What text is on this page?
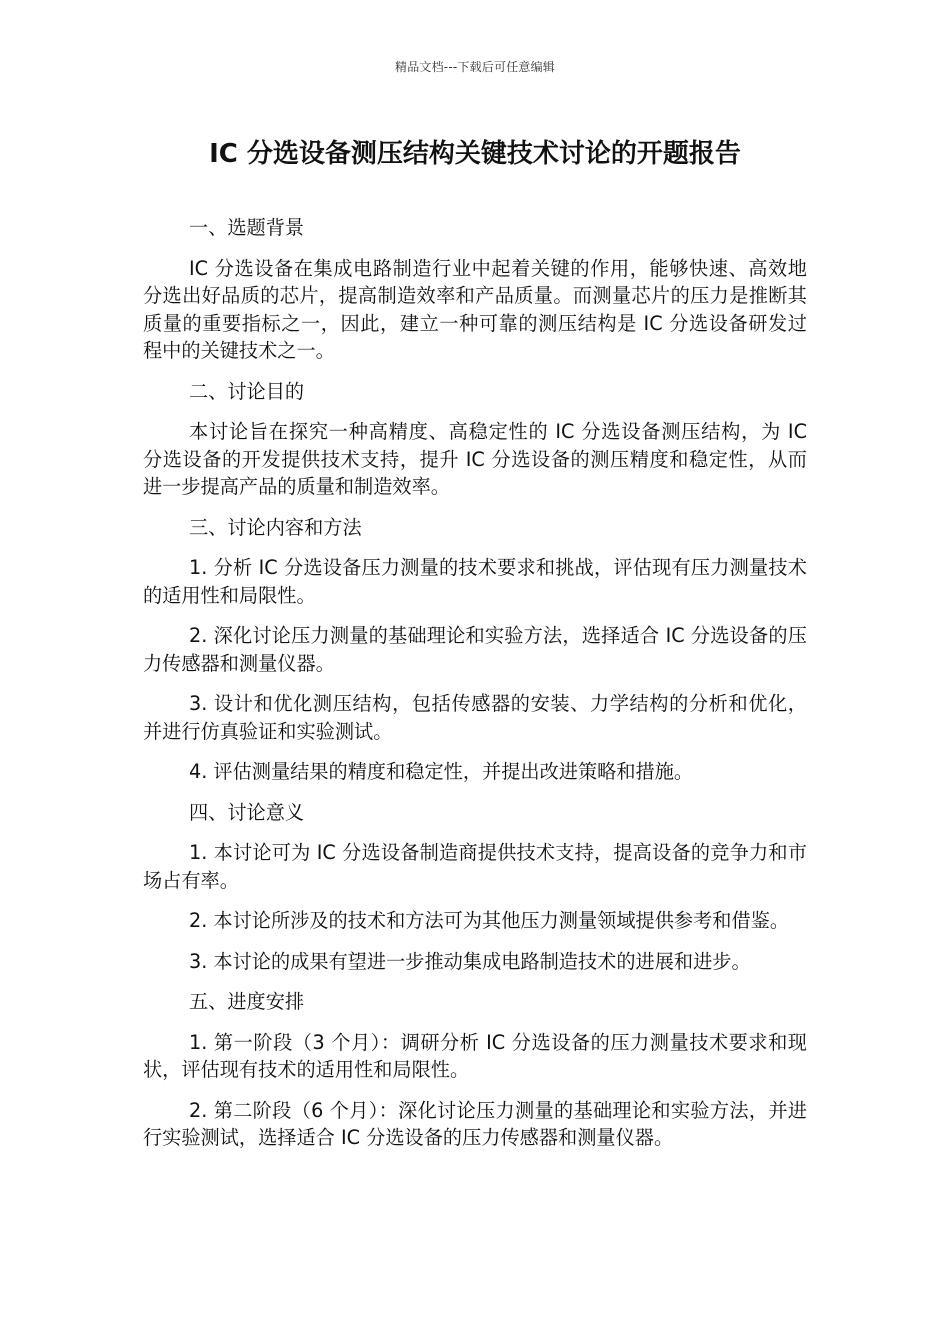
精品文档---下载后可任意编辑
IC 分选设备测压结构关键技术讨论的开题报告

一、选题背景

IC 分选设备在集成电路制造行业中起着关键的作用，能够快速、高效地分选出好品质的芯片，提高制造效率和产品质量。而测量芯片的压力是推断其质量的重要指标之一，因此，建立一种可靠的测压结构是 IC 分选设备研发过程中的关键技术之一。

二、讨论目的

本讨论旨在探究一种高精度、高稳定性的 IC 分选设备测压结构，为 IC 分选设备的开发提供技术支持，提升 IC 分选设备的测压精度和稳定性，从而进一步提高产品的质量和制造效率。

三、讨论内容和方法

1. 分析 IC 分选设备压力测量的技术要求和挑战，评估现有压力测量技术的适用性和局限性。

2. 深化讨论压力测量的基础理论和实验方法，选择适合 IC 分选设备的压力传感器和测量仪器。

3. 设计和优化测压结构，包括传感器的安装、力学结构的分析和优化，并进行仿真验证和实验测试。

4. 评估测量结果的精度和稳定性，并提出改进策略和措施。

四、讨论意义

1. 本讨论可为 IC 分选设备制造商提供技术支持，提高设备的竞争力和市场占有率。

2. 本讨论所涉及的技术和方法可为其他压力测量领域提供参考和借鉴。

3. 本讨论的成果有望进一步推动集成电路制造技术的进展和进步。

五、进度安排

1. 第一阶段（3 个月）：调研分析 IC 分选设备的压力测量技术要求和现状，评估现有技术的适用性和局限性。

2. 第二阶段（6 个月）：深化讨论压力测量的基础理论和实验方法，并进行实验测试，选择适合 IC 分选设备的压力传感器和测量仪器。
